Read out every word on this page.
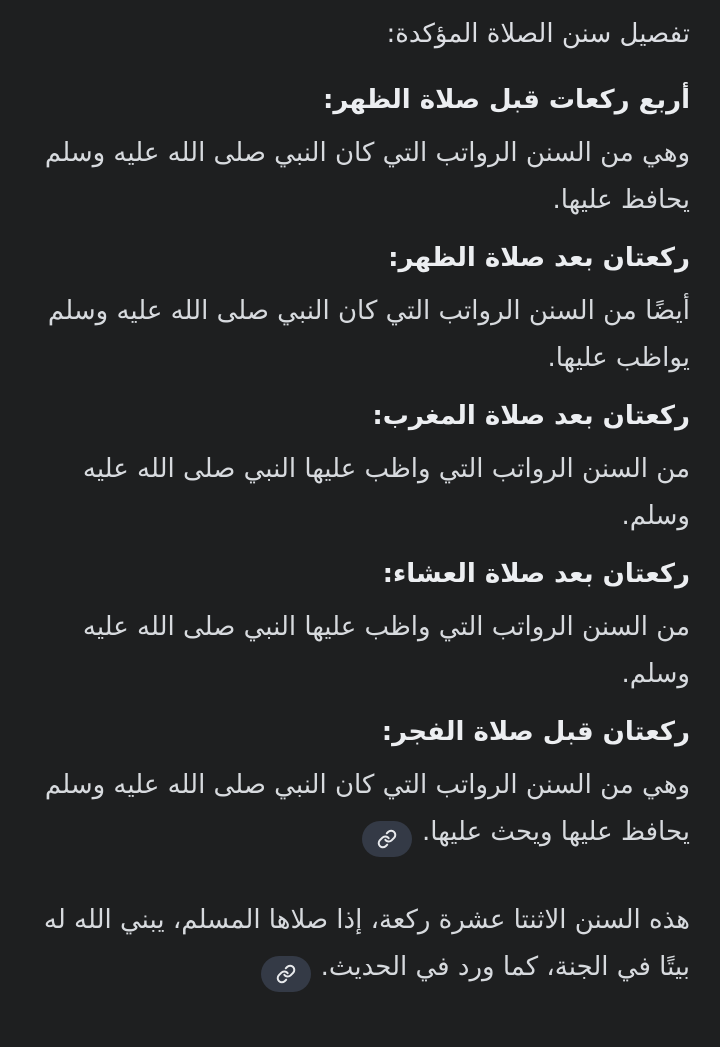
تفصيل سنن الصلاة المؤكدة:

أربع ركعات قبل صلاة الظهر:

وهي من السنن الرواتب التي كان النبي صلى الله عليه وسلم يحافظ عليها.

ركعتان بعد صلاة الظهر:

أيضًا من السنن الرواتب التي كان النبي صلى الله عليه وسلم يواظب عليها.

ركعتان بعد صلاة المغرب:

من السنن الرواتب التي واظب عليها النبي صلى الله عليه وسلم.

ركعتان بعد صلاة العشاء:

من السنن الرواتب التي واظب عليها النبي صلى الله عليه وسلم.

ركعتان قبل صلاة الفجر:

وهي من السنن الرواتب التي كان النبي صلى الله عليه وسلم يحافظ عليها ويحث عليها.

هذه السنن الاثنتا عشرة ركعة، إذا صلاها المسلم، يبني الله له بيتًا في الجنة، كما ورد في الحديث.
